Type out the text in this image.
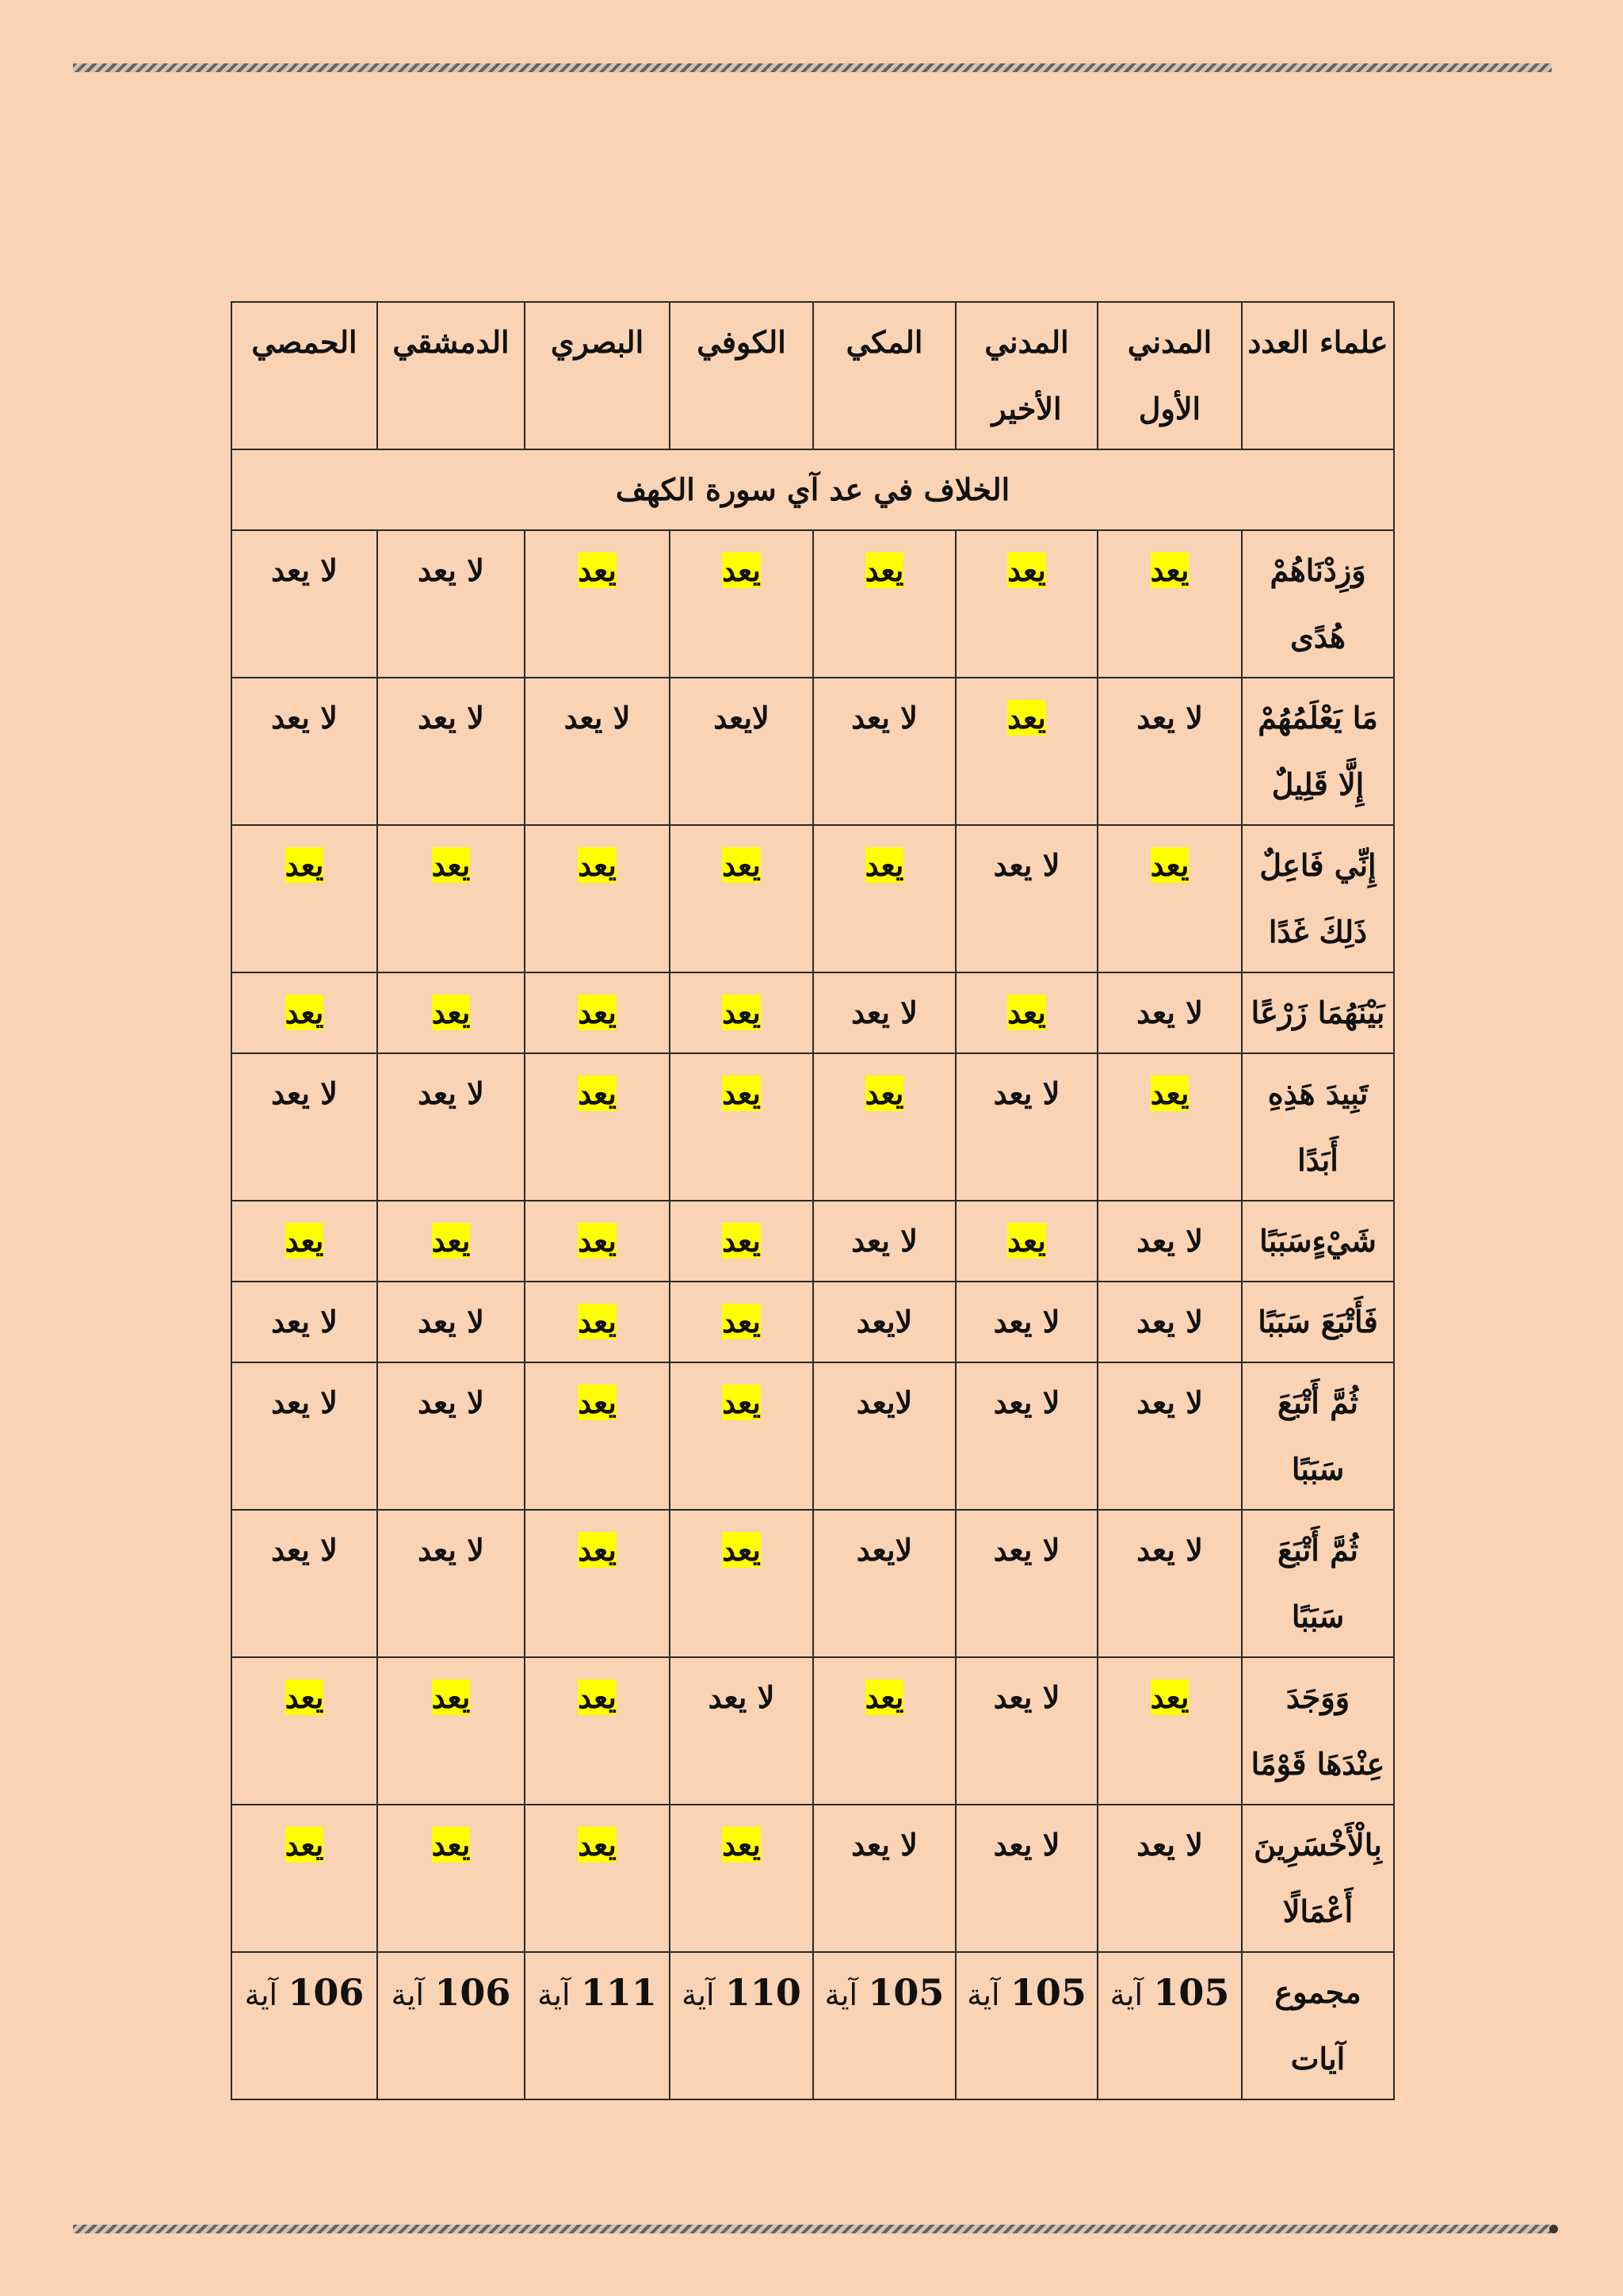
علماء العدد	المدني الأول	المدني الأخير	المكي	الكوفي	البصري	الدمشقي	الحمصي
الخلاف في عد آي سورة الكهف							
وَزِدْنَاهُمْ هُدًى	يعد	يعد	يعد	يعد	يعد	لا يعد	لا يعد
مَا يَعْلَمُهُمْ إِلَّا قَلِيلٌ	لا يعد	يعد	لا يعد	لايعد	لا يعد	لا يعد	لا يعد
إِنِّي فَاعِلٌ ذَلِكَ غَدًا	يعد	لا يعد	يعد	يعد	يعد	يعد	يعد
بَيْنَهُمَا زَرْعًا	لا يعد	يعد	لا يعد	يعد	يعد	يعد	يعد
تَبِيدَ هَذِهِ أَبَدًا	يعد	لا يعد	يعد	يعد	يعد	لا يعد	لا يعد
شَيْءٍسَبَبًا	لا يعد	يعد	لا يعد	يعد	يعد	يعد	يعد
فَأَتْبَعَ سَبَبًا	لا يعد	لا يعد	لايعد	يعد	يعد	لا يعد	لا يعد
ثُمَّ أَتْبَعَ سَبَبًا	لا يعد	لا يعد	لايعد	يعد	يعد	لا يعد	لا يعد
ثُمَّ أَتْبَعَ سَبَبًا	لا يعد	لا يعد	لايعد	يعد	يعد	لا يعد	لا يعد
وَوَجَدَ عِنْدَهَا قَوْمًا	يعد	لا يعد	يعد	لا يعد	يعد	يعد	يعد
بِالْأَخْسَرِينَ أَعْمَالًا	لا يعد	لا يعد	لا يعد	يعد	يعد	يعد	يعد
مجموع آيات	105 آية	105 آية	105 آية	110 آية	111 آية	106 آية	106 آية
